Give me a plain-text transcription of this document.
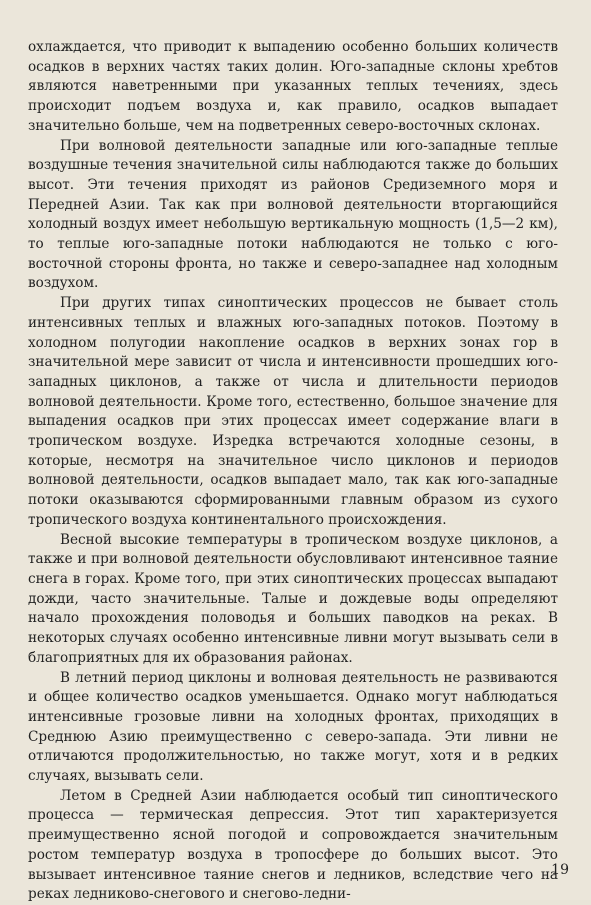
охлаждается, что приводит к выпадению особенно больших количеств осадков в верхних частях таких долин. Юго-западные склоны хребтов являются наветренными при указанных теплых течениях, здесь происходит подъем воздуха и, как правило, осадков выпадает значительно больше, чем на подветренных северо-восточных склонах.

При волновой деятельности западные или юго-западные теплые воздушные течения значительной силы наблюдаются также до больших высот. Эти течения приходят из районов Средиземного моря и Передней Азии. Так как при волновой деятельности вторгающийся холодный воздух имеет небольшую вертикальную мощность (1,5—2 км), то теплые юго-западные потоки наблюдаются не только с юго-восточной стороны фронта, но также и северо-западнее над холодным воздухом.

При других типах синоптических процессов не бывает столь интенсивных теплых и влажных юго-западных потоков. Поэтому в холодном полугодии накопление осадков в верхних зонах гор в значительной мере зависит от числа и интенсивности прошедших юго-западных циклонов, а также от числа и длительности периодов волновой деятельности. Кроме того, естественно, большое значение для выпадения осадков при этих процессах имеет содержание влаги в тропическом воздухе. Изредка встречаются холодные сезоны, в которые, несмотря на значительное число циклонов и периодов волновой деятельности, осадков выпадает мало, так как юго-западные потоки оказываются сформированными главным образом из сухого тропического воздуха континентального происхождения.

Весной высокие температуры в тропическом воздухе циклонов, а также и при волновой деятельности обусловливают интенсивное таяние снега в горах. Кроме того, при этих синоптических процессах выпадают дожди, часто значительные. Талые и дождевые воды определяют начало прохождения половодья и больших паводков на реках. В некоторых случаях особенно интенсивные ливни могут вызывать сели в благоприятных для их образования районах.

В летний период циклоны и волновая деятельность не развиваются и общее количество осадков уменьшается. Однако могут наблюдаться интенсивные грозовые ливни на холодных фронтах, приходящих в Среднюю Азию преимущественно с северо-запада. Эти ливни не отличаются продолжительностью, но также могут, хотя и в редких случаях, вызывать сели.

Летом в Средней Азии наблюдается особый тип синоптического процесса — термическая депрессия. Этот тип характеризуется преимущественно ясной погодой и сопровождается значительным ростом температур воздуха в тропосфере до больших высот. Это вызывает интенсивное таяние снегов и ледников, вследствие чего на реках ледниково-снегового и снегово-ледни-

19
